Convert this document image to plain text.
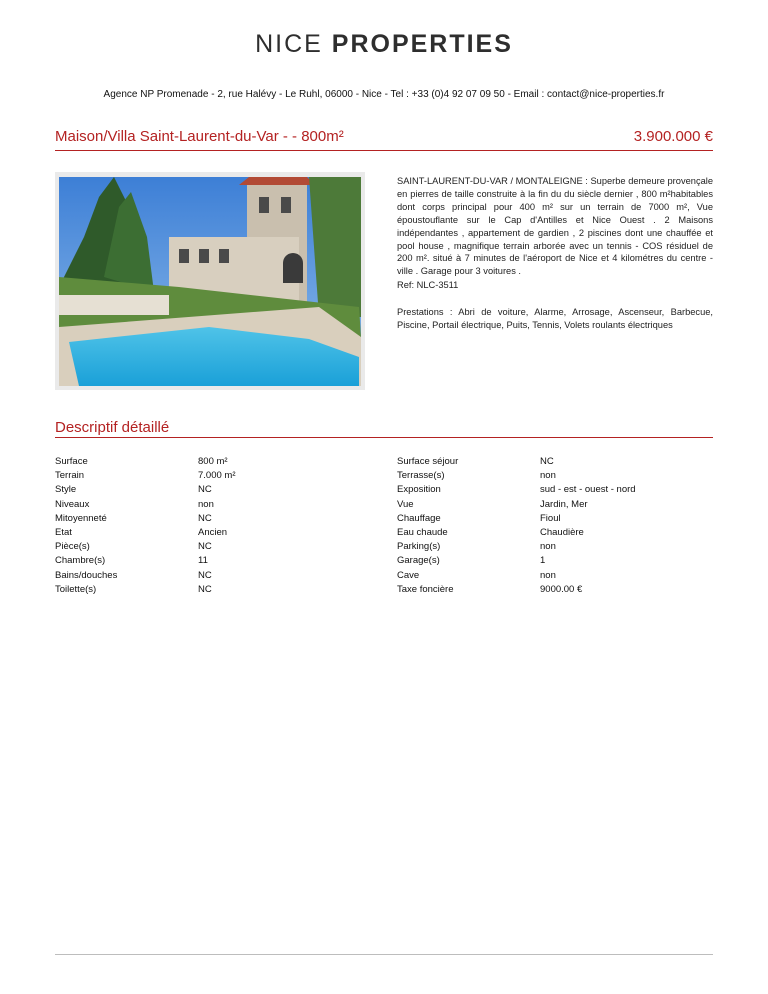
NICE PROPERTIES
Agence NP Promenade - 2, rue Halévy - Le Ruhl, 06000 - Nice - Tel : +33 (0)4 92 07 09 50 - Email : contact@nice-properties.fr
Maison/Villa Saint-Laurent-du-Var - - 800m²	3.900.000 €
SAINT-LAURENT-DU-VAR / MONTALEIGNE : Superbe demeure provençale en pierres de taille construite à la fin du du siècle dernier , 800 m²habitables dont corps principal pour 400 m² sur un terrain de 7000 m², Vue époustouflante sur le Cap d'Antilles et Nice Ouest . 2 Maisons indépendantes , appartement de gardien , 2 piscines dont une chauffée et pool house , magnifique terrain arborée avec un tennis - COS résiduel de 200 m². situé à 7 minutes de l'aéroport de Nice et 4 kilométres du centre -ville . Garage pour 3 voitures .
Ref: NLC-3511
Prestations : Abri de voiture, Alarme, Arrosage, Ascenseur, Barbecue, Piscine, Portail électrique, Puits, Tennis, Volets roulants électriques
Descriptif détaillé
Surface	800 m²
Terrain	7.000 m²
Style	NC
Niveaux	non
Mitoyenneté	NC
Etat	Ancien
Pièce(s)	NC
Chambre(s)	11
Bains/douches	NC
Toilette(s)	NC
Surface séjour	NC
Terrasse(s)	non
Exposition	sud - est - ouest - nord
Vue	Jardin, Mer
Chauffage	Fioul
Eau chaude	Chaudière
Parking(s)	non
Garage(s)	1
Cave	non
Taxe foncière	9000.00 €
